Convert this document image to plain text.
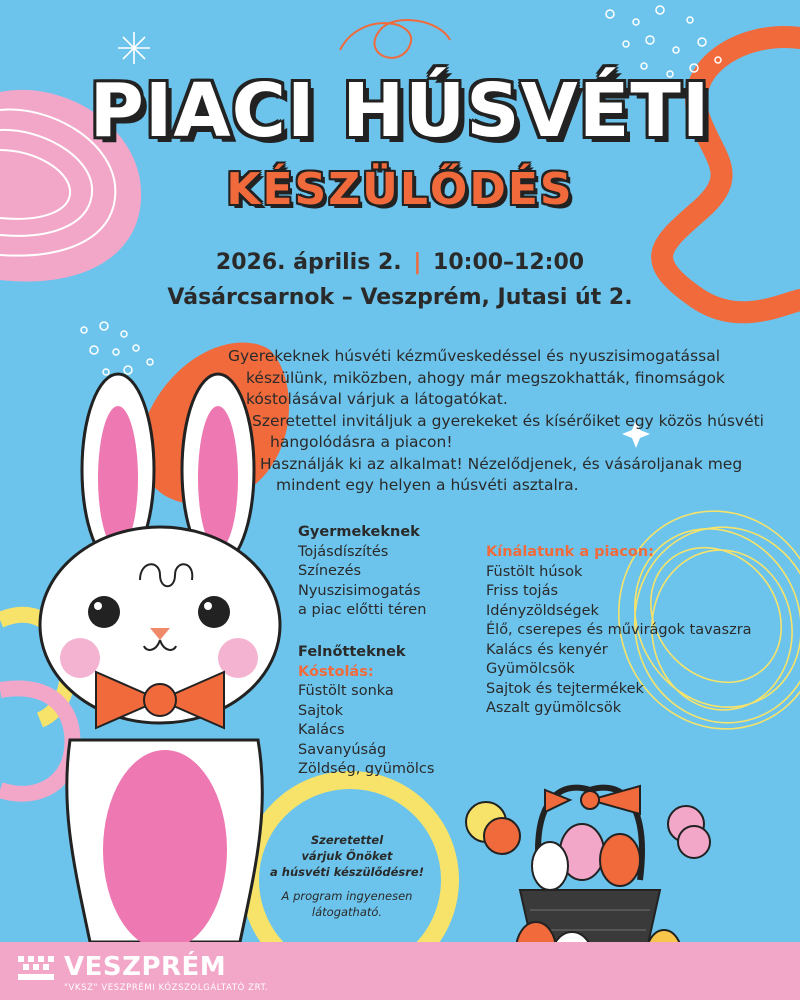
PIACI HÚSVÉTI
KÉSZÜLŐDÉS
2026. április 2. | 10:00–12:00
Vásárcsarnok – Veszprém, Jutasi út 2.

Gyerekeknek húsvéti kézműveskedéssel és nyuszisimogatással készülünk, miközben, ahogy már megszokhatták, finomságok kóstolásával várjuk a látogatókat.

Szeretettel invitáljuk a gyerekeket és kísérőiket egy közös húsvéti hangolódásra a piacon!

Használják ki az alkalmat! Nézelődjenek, és vásároljanak meg mindent egy helyen a húsvéti asztalra.

Gyermekeknek
Tojásdíszítés
Színezés
Nyuszisimogatás
a piac előtti téren
Felnőtteknek
Kóstolás:
Füstölt sonka
Sajtok
Kalács
Savanyúság
Zöldség, gyümölcs
Kínálatunk a piacon:
Füstölt húsok
Friss tojás
Idényzöldségek
Élő, cserepes és művirágok tavaszra
Kalács és kenyér
Gyümölcsök
Sajtok és tejtermékek
Aszalt gyümölcsök
Szeretettel
várjuk Önöket
a húsvéti készülődésre!
A program ingyenesen
látogatható.
VESZPRÉM
"VKSZ" VESZPRÉMI KÖZSZOLGÁLTATÓ ZRT.
